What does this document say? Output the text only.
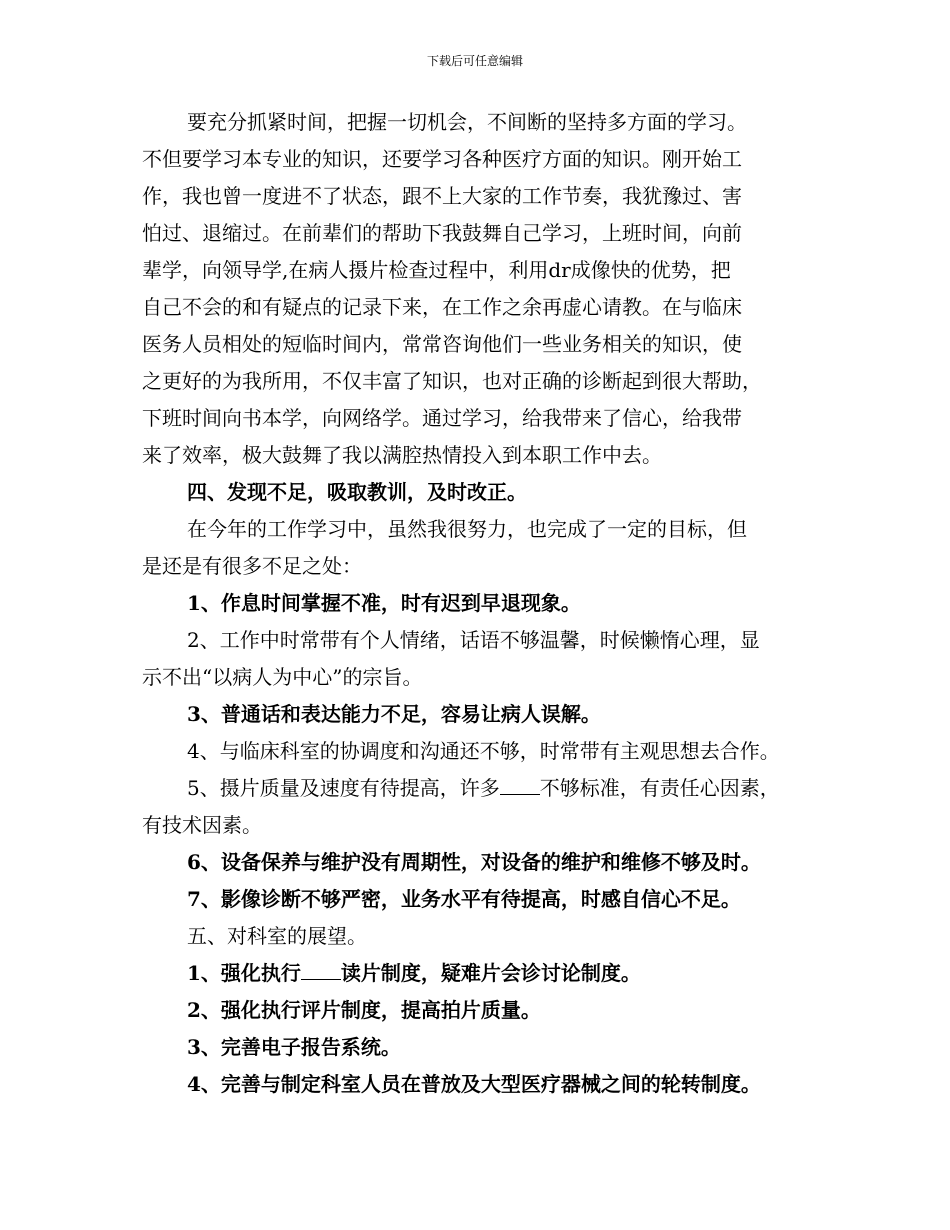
下载后可任意编辑
要充分抓紧时间，把握一切机会，不间断的坚持多方面的学习。
不但要学习本专业的知识，还要学习各种医疗方面的知识。刚开始工
作，我也曾一度进不了状态，跟不上大家的工作节奏，我犹豫过、害
怕过、退缩过。在前辈们的帮助下我鼓舞自己学习，上班时间，向前
辈学，向领导学,在病人摄片检查过程中，利用dr成像快的优势，把
自己不会的和有疑点的记录下来，在工作之余再虚心请教。在与临床
医务人员相处的短临时间内，常常咨询他们一些业务相关的知识，使
之更好的为我所用，不仅丰富了知识，也对正确的诊断起到很大帮助，
下班时间向书本学，向网络学。通过学习，给我带来了信心，给我带
来了效率，极大鼓舞了我以满腔热情投入到本职工作中去。
四、发现不足，吸取教训，及时改正。
在今年的工作学习中，虽然我很努力，也完成了一定的目标，但
是还是有很多不足之处：
1、作息时间掌握不准，时有迟到早退现象。
2、工作中时常带有个人情绪，话语不够温馨，时候懒惰心理，显
示不出“以病人为中心”的宗旨。
3、普通话和表达能力不足，容易让病人误解。
4、与临床科室的协调度和沟通还不够，时常带有主观思想去合作。
5、摄片质量及速度有待提高，许多 不够标准，有责任心因素，
有技术因素。
6、设备保养与维护没有周期性，对设备的维护和维修不够及时。
7、影像诊断不够严密，业务水平有待提高，时感自信心不足。
五、对科室的展望。
1、强化执行 读片制度，疑难片会诊讨论制度。
2、强化执行评片制度，提高拍片质量。
3、完善电子报告系统。
4、完善与制定科室人员在普放及大型医疗器械之间的轮转制度。
